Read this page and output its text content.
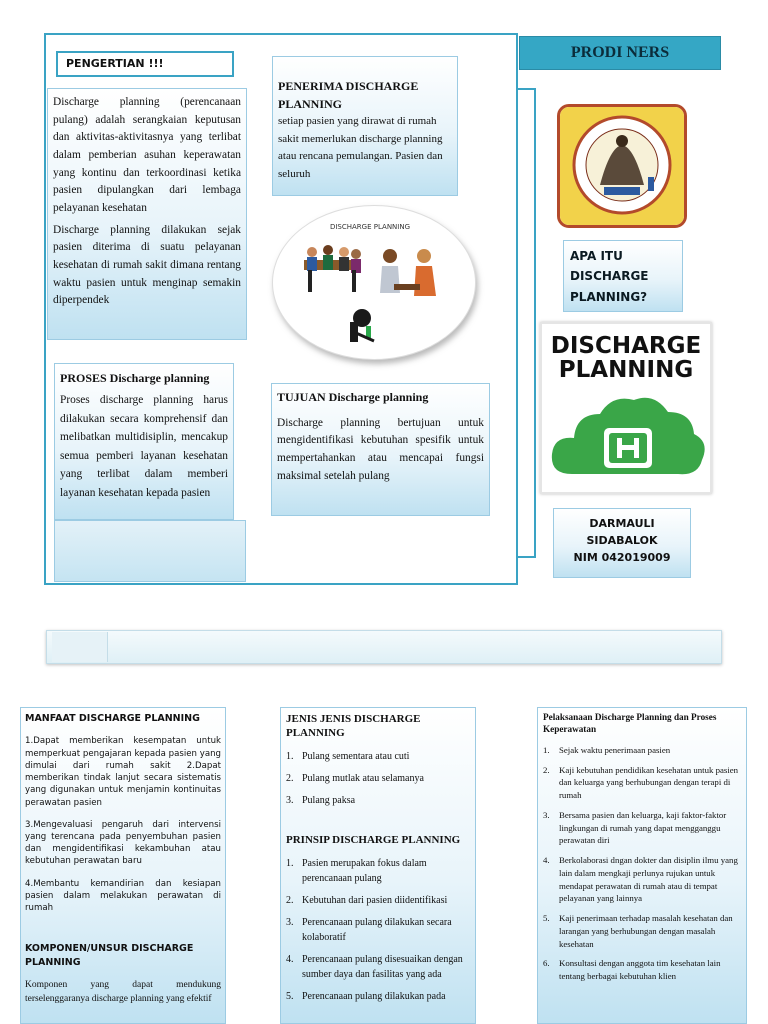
PENGERTIAN !!!

Discharge planning (perencanaan pulang) adalah serangkaian keputusan dan aktivitas-aktivitasnya yang terlibat dalam pemberian asuhan keperawatan yang kontinu dan terkoordinasi ketika pasien dipulangkan dari lembaga pelayanan kesehatan

Discharge planning dilakukan sejak pasien diterima di suatu pelayanan kesehatan di rumah sakit dimana rentang waktu pasien untuk menginap semakin diperpendek

PENERIMA DISCHARGE PLANNING

setiap pasien yang dirawat di rumah sakit memerlukan discharge planning atau rencana pemulangan. Pasien dan seluruh

DISCHARGE PLANNING

PROSES Discharge planning

Proses discharge planning harus dilakukan secara komprehensif dan melibatkan multidisiplin, mencakup semua pemberi layanan kesehatan yang terlibat dalam memberi layanan kesehatan kepada pasien

TUJUAN Discharge planning

Discharge planning bertujuan untuk mengidentifikasi kebutuhan spesifik untuk mempertahankan atau mencapai fungsi maksimal setelah pulang

PRODI NERS
APA ITU DISCHARGE PLANNING?
DISCHARGE
PLANNING
DARMAULI
SIDABALOK
NIM 042019009

MANFAAT DISCHARGE PLANNING

1.Dapat memberikan kesempatan untuk memperkuat pengajaran kepada pasien yang dimulai dari rumah sakit 2.Dapat memberikan tindak lanjut secara sistematis yang digunakan untuk menjamin kontinuitas perawatan pasien

3.Mengevaluasi pengaruh dari intervensi yang terencana pada penyembuhan pasien dan mengidentifikasi kekambuhan atau kebutuhan perawatan baru

4.Membantu kemandirian dan kesiapan pasien dalam melakukan perawatan di rumah

KOMPONEN/UNSUR DISCHARGE PLANNING

Komponen yang dapat mendukung terselenggaranya discharge planning yang efektif

JENIS JENIS DISCHARGE PLANNING

1. Pulang sementara atau cuti
2. Pulang mutlak atau selamanya
3. Pulang paksa

PRINSIP DISCHARGE PLANNING

1. Pasien merupakan fokus dalam perencanaan pulang
2. Kebutuhan dari pasien diidentifikasi
3. Perencanaan pulang dilakukan secara kolaboratif
4. Perencanaan pulang disesuaikan dengan sumber daya dan fasilitas yang ada
5. Perencanaan pulang dilakukan pada

Pelaksanaan Discharge Planning dan Proses Keperawatan

1.	Sejak waktu penerimaan pasien
2.	Kaji kebutuhan pendidikan kesehatan untuk pasien dan keluarga yang berhubungan dengan terapi di rumah
3.	Bersama pasien dan keluarga, kaji faktor-faktor lingkungan di rumah yang dapat mengganggu perawatan diri
4.	Berkolaborasi dngan dokter dan disiplin ilmu yang lain dalam mengkaji perlunya rujukan untuk mendapat perawatan di rumah atau di tempat pelayanan yang lainnya
5.	Kaji penerimaan terhadap masalah kesehatan dan larangan yang berhubungan dengan masalah kesehatan
6.	Konsultasi dengan anggota tim kesehatan lain tentang berbagai kebutuhan klien
